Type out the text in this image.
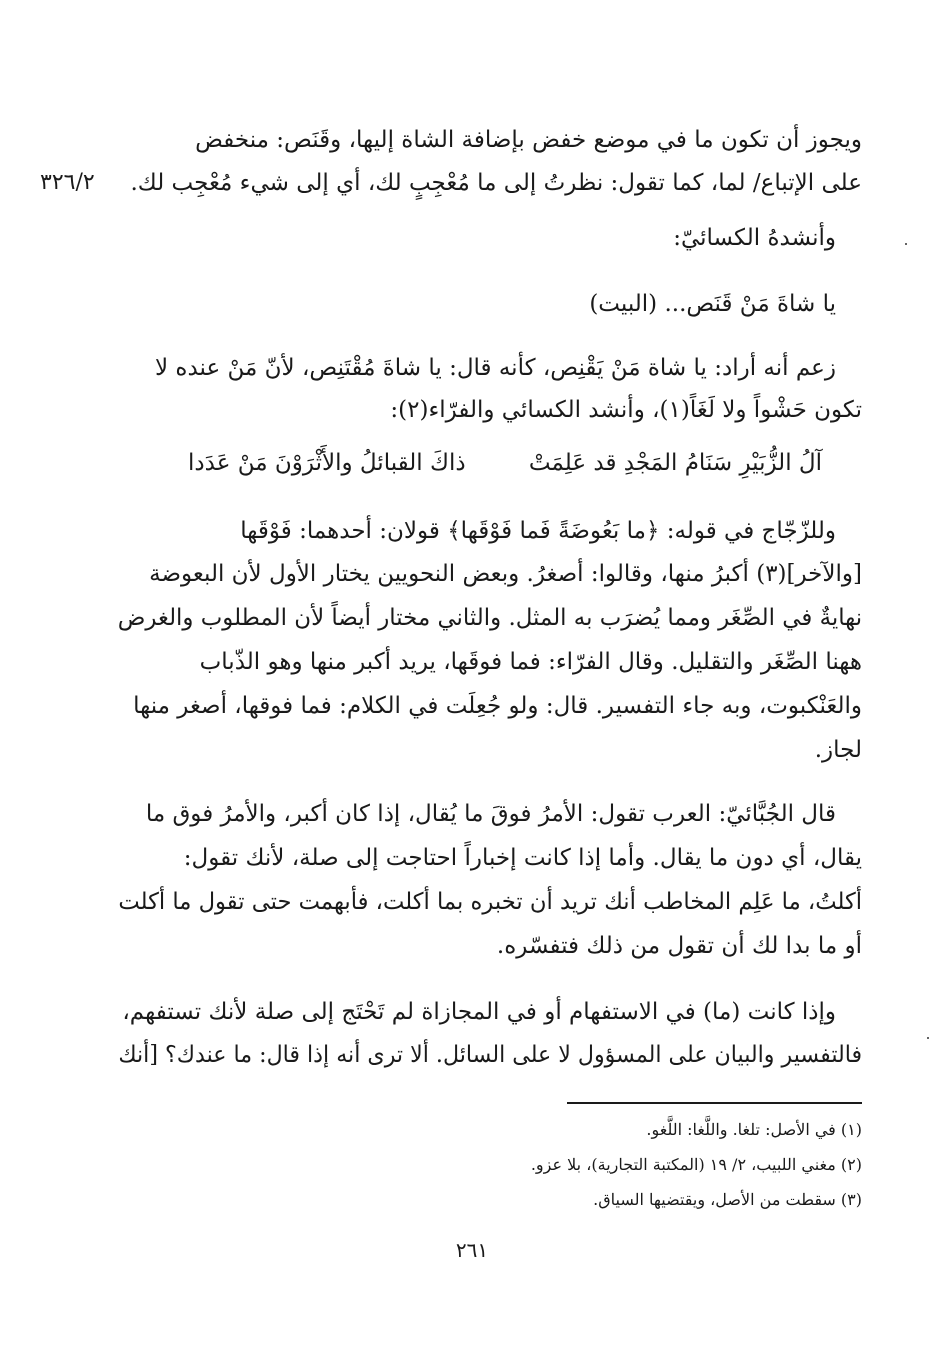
ويجوز أن تكون ما في موضع خفض بإضافة الشاة إليها، وقَنَص: منخفض
على الإتباع/ لما، كما تقول: نظرتُ إلى ما مُعْجِبٍ لك، أي إلى شيء مُعْجِب لك.
٣٢٦/٢
وأنشدهُ الكسائيّ:
يا شاةَ مَنْ قَنَص... (البيت)
زعم أنه أراد: يا شاة مَنْ يَقْنِص، كأنه قال: يا شاةَ مُقْتَنِص، لأنّ مَنْ عنده لا
تكون حَشْواً ولا لَغَاً(١)، وأنشد الكسائي والفرّاء(٢):
آلُ الزُّبَيْرِ سَنَامُ المَجْدِ قد عَلِمَتْ
ذاكَ القبائلُ والأَثْرَوْنَ مَنْ عَدَدا
وللزّجّاج في قوله: ﴿ما بَعُوضَةً فَما فَوْقَها﴾ قولان: أحدهما: فَوْقَها
[والآخر](٣) أكبرُ منها، وقالوا: أصغرُ. وبعض النحويين يختار الأول لأن البعوضة
نهايةٌ في الصِّغَر ومما يُضرَب به المثل. والثاني مختار أيضاً لأن المطلوب والغرض
ههنا الصِّغَر والتقليل. وقال الفرّاء: فما فوقَها، يريد أكبر منها وهو الذّباب
والعَنْكبوت، وبه جاء التفسير. قال: ولو جُعِلَت في الكلام: فما فوقها، أصغر منها
لجاز.
قال الجُبَّائيّ: العرب تقول: الأمرُ فوقَ ما يُقال، إذا كان أكبر، والأمرُ فوق ما
يقال، أي دون ما يقال. وأما إذا كانت إخباراً احتاجت إلى صلة، لأنك تقول:
أكلتُ، ما عَلِم المخاطب أنك تريد أن تخبره بما أكلت، فأبهمت حتى تقول ما أكلت
أو ما بدا لك أن تقول من ذلك فتفسّره.
وإذا كانت (ما) في الاستفهام أو في المجازاة لم تَحْتَج إلى صلة لأنك تستفهم،
فالتفسير والبيان على المسؤول لا على السائل. ألا ترى أنه إذا قال: ما عندك؟ [أنك
(١) في الأصل: تلغا. واللَّغا: اللَّغو.
(٢) مغني اللبيب، ٢/ ١٩ (المكتبة التجارية)، بلا عزو.
(٣) سقطت من الأصل، ويقتضيها السياق.
٢٦١
